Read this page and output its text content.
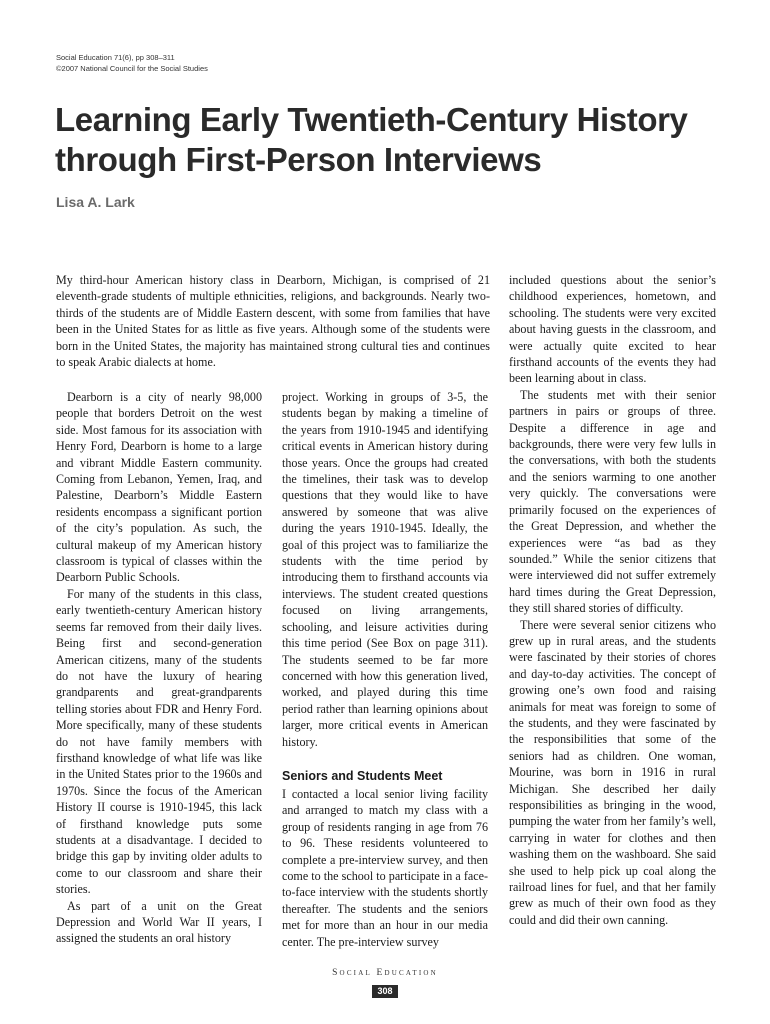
Social Education 71(6), pp 308–311
©2007 National Council for the Social Studies
Learning Early Twentieth-Century History through First-Person Interviews
Lisa A. Lark

My third-hour American history class in Dearborn, Michigan, is comprised of 21 eleventh-grade students of multiple ethnicities, religions, and backgrounds. Nearly two-thirds of the students are of Middle Eastern descent, with some from families that have been in the United States for as little as five years. Although some of the students were born in the United States, the majority has maintained strong cultural ties and continues to speak Arabic dialects at home.

Dearborn is a city of nearly 98,000 people that borders Detroit on the west side. Most famous for its association with Henry Ford, Dearborn is home to a large and vibrant Middle Eastern community. Coming from Lebanon, Yemen, Iraq, and Palestine, Dearborn’s Middle Eastern residents encompass a significant portion of the city’s population. As such, the cultural makeup of my American history classroom is typical of classes within the Dearborn Public Schools.

For many of the students in this class, early twentieth-century American history seems far removed from their daily lives. Being first and second-generation American citizens, many of the students do not have the luxury of hearing grandparents and great-grandparents telling stories about FDR and Henry Ford. More specifically, many of these students do not have family members with firsthand knowledge of what life was like in the United States prior to the 1960s and 1970s. Since the focus of the American History II course is 1910-1945, this lack of firsthand knowledge puts some students at a disadvantage. I decided to bridge this gap by inviting older adults to come to our classroom and share their stories.

As part of a unit on the Great Depression and World War II years, I assigned the students an oral history

project. Working in groups of 3-5, the students began by making a timeline of the years from 1910-1945 and identifying critical events in American history during those years. Once the groups had created the timelines, their task was to develop questions that they would like to have answered by someone that was alive during the years 1910-1945. Ideally, the goal of this project was to familiarize the students with the time period by introducing them to firsthand accounts via interviews. The student created questions focused on living arrangements, schooling, and leisure activities during this time period (See Box on page 311). The students seemed to be far more concerned with how this generation lived, worked, and played during this time period rather than learning opinions about larger, more critical events in American history.

Seniors and Students Meet

I contacted a local senior living facility and arranged to match my class with a group of residents ranging in age from 76 to 96. These residents volunteered to complete a pre-interview survey, and then come to the school to participate in a face-to-face interview with the students shortly thereafter. The students and the seniors met for more than an hour in our media center. The pre-interview survey

included questions about the senior’s childhood experiences, hometown, and schooling. The students were very excited about having guests in the classroom, and were actually quite excited to hear firsthand accounts of the events they had been learning about in class.

The students met with their senior partners in pairs or groups of three. Despite a difference in age and backgrounds, there were very few lulls in the conversations, with both the students and the seniors warming to one another very quickly. The conversations were primarily focused on the experiences of the Great Depression, and whether the experiences were “as bad as they sounded.” While the senior citizens that were interviewed did not suffer extremely hard times during the Great Depression, they still shared stories of difficulty.

There were several senior citizens who grew up in rural areas, and the students were fascinated by their stories of chores and day-to-day activities. The concept of growing one’s own food and raising animals for meat was foreign to some of the students, and they were fascinated by the responsibilities that some of the seniors had as children. One woman, Mourine, was born in 1916 in rural Michigan. She described her daily responsibilities as bringing in the wood, pumping the water from her family’s well, carrying in water for clothes and then washing them on the washboard. She said she used to help pick up coal along the railroad lines for fuel, and that her family grew as much of their own food as they could and did their own canning.

Social Education
308
